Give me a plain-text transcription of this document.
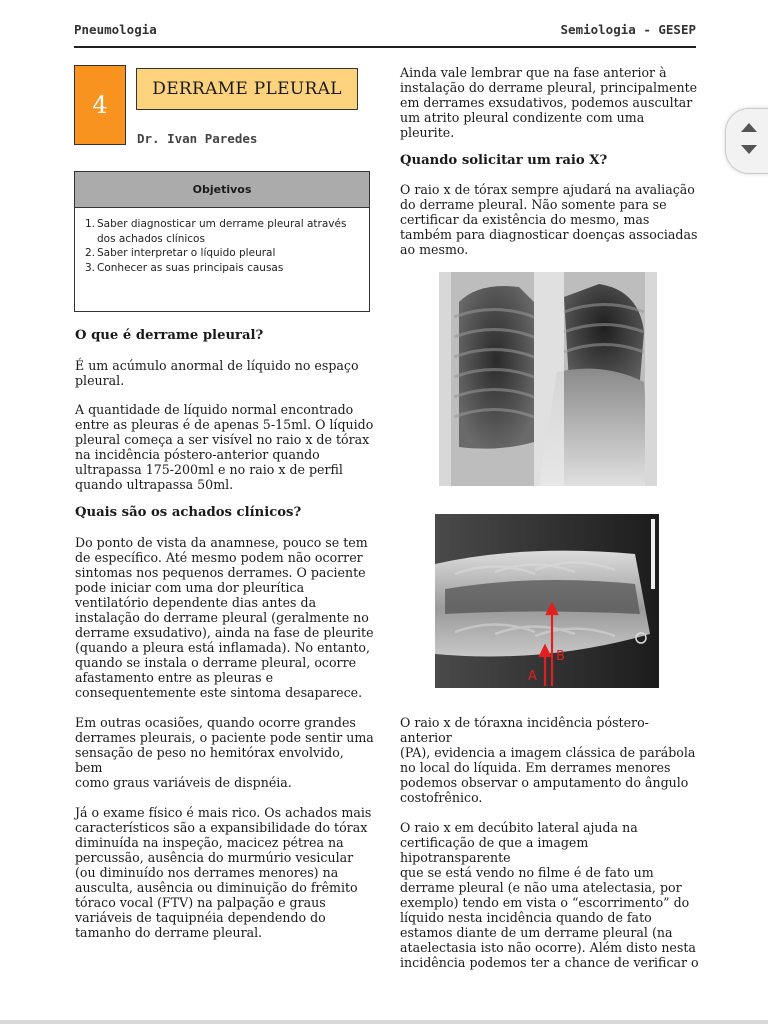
Pneumologia	Semiologia - GESEP
4
DERRAME PLEURAL
Dr. Ivan Paredes
Objetivos
1. Saber diagnosticar um derrame pleural através
dos achados clínicos
2. Saber interpretar o líquido pleural
3. Conhecer as suas principais causas
O que é derrame pleural?

É um acúmulo anormal de líquido no espaço
pleural.

A quantidade de líquido normal encontrado
entre as pleuras é de apenas 5-15ml. O líquido
pleural começa a ser visível no raio x de tórax
na incidência póstero-anterior quando
ultrapassa 175-200ml e no raio x de perfil
quando ultrapassa 50ml.

Quais são os achados clínicos?

Do ponto de vista da anamnese, pouco se tem
de específico. Até mesmo podem não ocorrer
sintomas nos pequenos derrames. O paciente
pode iniciar com uma dor pleurítica
ventilatório dependente dias antes da
instalação do derrame pleural (geralmente no
derrame exsudativo), ainda na fase de pleurite
(quando a pleura está inflamada). No entanto,
quando se instala o derrame pleural, ocorre
afastamento entre as pleuras e
consequentemente este sintoma desaparece.

Em outras ocasiões, quando ocorre grandes
derrames pleurais, o paciente pode sentir uma
sensação de peso no hemitórax envolvido, bem
como graus variáveis de dispnéia.

Já o exame físico é mais rico. Os achados mais
característicos são a expansibilidade do tórax
diminuída na inspeção, macicez pétrea na
percussão, ausência do murmúrio vesicular
(ou diminuído nos derrames menores) na
ausculta, ausência ou diminuição do frêmito
tóraco vocal (FTV) na palpação e graus
variáveis de taquipnéia dependendo do
tamanho do derrame pleural.

Ainda vale lembrar que na fase anterior à
instalação do derrame pleural, principalmente
em derrames exsudativos, podemos auscultar
um atrito pleural condizente com uma
pleurite.

Quando solicitar um raio X?

O raio x de tórax sempre ajudará na avaliação
do derrame pleural. Não somente para se
certificar da existência do mesmo, mas
também para diagnosticar doenças associadas
ao mesmo.

B
A

O raio x de tóraxna incidência póstero-anterior
(PA), evidencia a imagem clássica de parábola
no local do líquida. Em derrames menores
podemos observar o amputamento do ângulo
costofrênico.

O raio x em decúbito lateral ajuda na
certificação de que a imagem hipotransparente
que se está vendo no filme é de fato um
derrame pleural (e não uma atelectasia, por
exemplo) tendo em vista o “escorrimento” do
líquido nesta incidência quando de fato
estamos diante de um derrame pleural (na
ataelectasia isto não ocorre). Além disto nesta
incidência podemos ter a chance de verificar o
